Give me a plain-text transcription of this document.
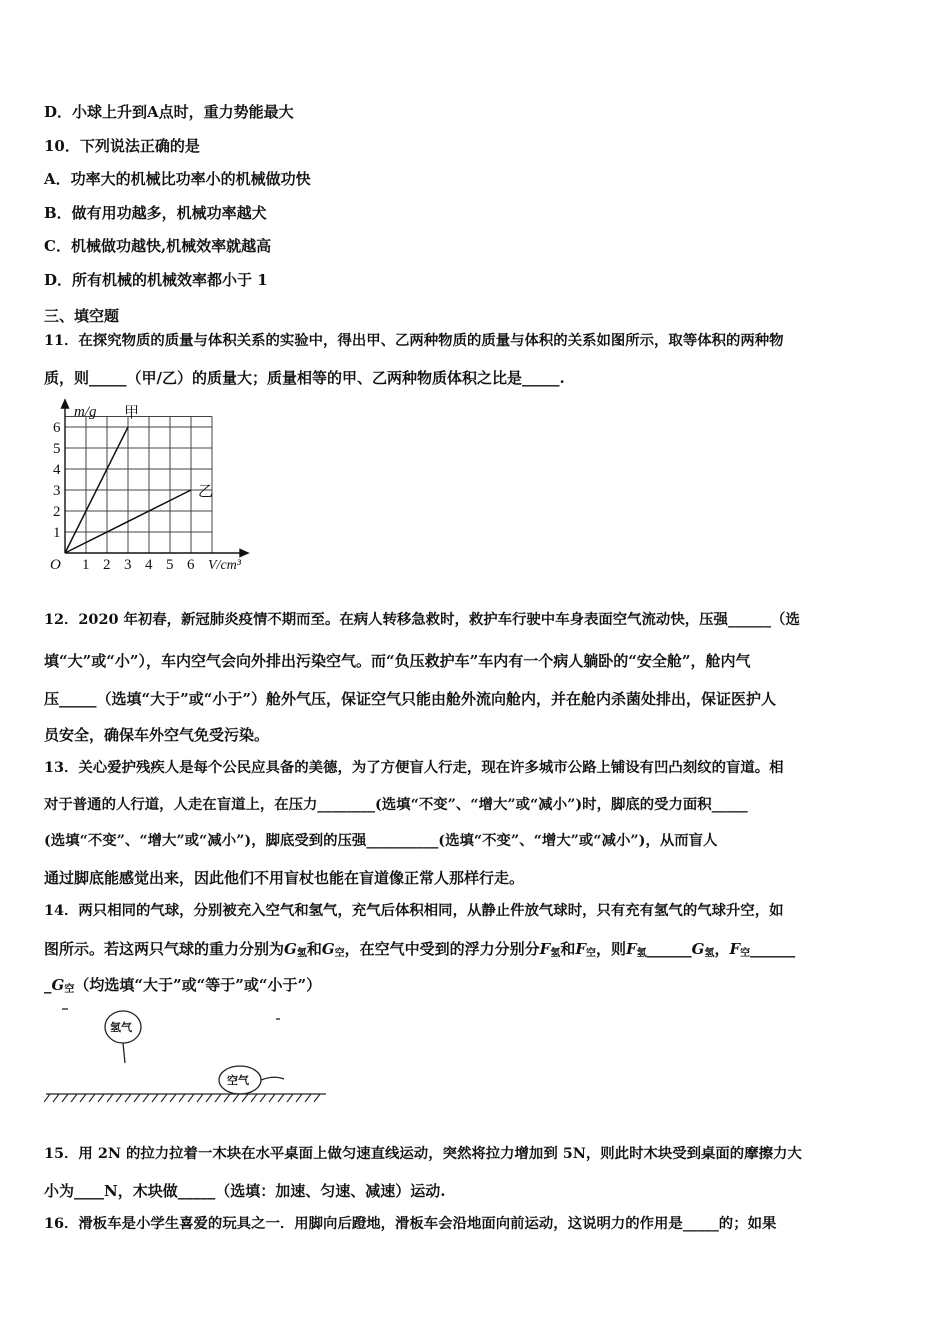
D．小球上升到A点时，重力势能最大
10．下列说法正确的是
A．功率大的机械比功率小的机械做功快
B．做有用功越多，机械功率越犬
C．机械做功越快,机械效率就越高
D．所有机械的机械效率都小于 1
三、填空题
11．在探究物质的质量与体积关系的实验中，得出甲、乙两种物质的质量与体积的关系如图所示，取等体积的两种物
质，则_____（甲/乙）的质量大；质量相等的甲、乙两种物质体积之比是_____.
m/g
V/cm³
O
1
2
3
4
5
6
1 2 3 4 5 6
甲
乙
12．2020 年初春，新冠肺炎疫情不期而至。在病人转移急救时，救护车行驶中车身表面空气流动快，压强______（选
填“大”或“小”），车内空气会向外排出污染空气。而“负压救护车”车内有一个病人躺卧的“安全舱”，舱内气
压_____（选填“大于”或“小于”）舱外气压，保证空气只能由舱外流向舱内，并在舱内杀菌处排出，保证医护人
员安全，确保车外空气免受污染。
13．关心爱护残疾人是每个公民应具备的美德，为了方便盲人行走，现在许多城市公路上铺设有凹凸刻纹的盲道。相
对于普通的人行道，人走在盲道上，在压力________(选填“不变”、“增大”或“减小”)时，脚底的受力面积_____
(选填“不变”、“增大”或“减小”)，脚底受到的压强__________(选填“不变”、“增大”或“减小”)，从而盲人
通过脚底能感觉出来，因此他们不用盲杖也能在盲道像正常人那样行走。
14．两只相同的气球，分别被充入空气和氢气，充气后体积相同，从静止件放气球时，只有充有氢气的气球升空，如
图所示。若这两只气球的重力分别为$G_氢$和$G_空$，在空气中受到的浮力分别分$F_氢$和$F_空$，则$F_氢\_\_\_\_\_\_G_氢$，$F_空\_\_\_\_\_\_$
$\_G_空$（均选填“大于”或“等于”或“小于”）
氢气
空气
15．用 2N 的拉力拉着一木块在水平桌面上做匀速直线运动，突然将拉力增加到 5N，则此时木块受到桌面的摩擦力大
小为____N，木块做_____（选填：加速、匀速、减速）运动.
16．滑板车是小学生喜爱的玩具之一．用脚向后蹬地，滑板车会沿地面向前运动，这说明力的作用是_____的；如果
